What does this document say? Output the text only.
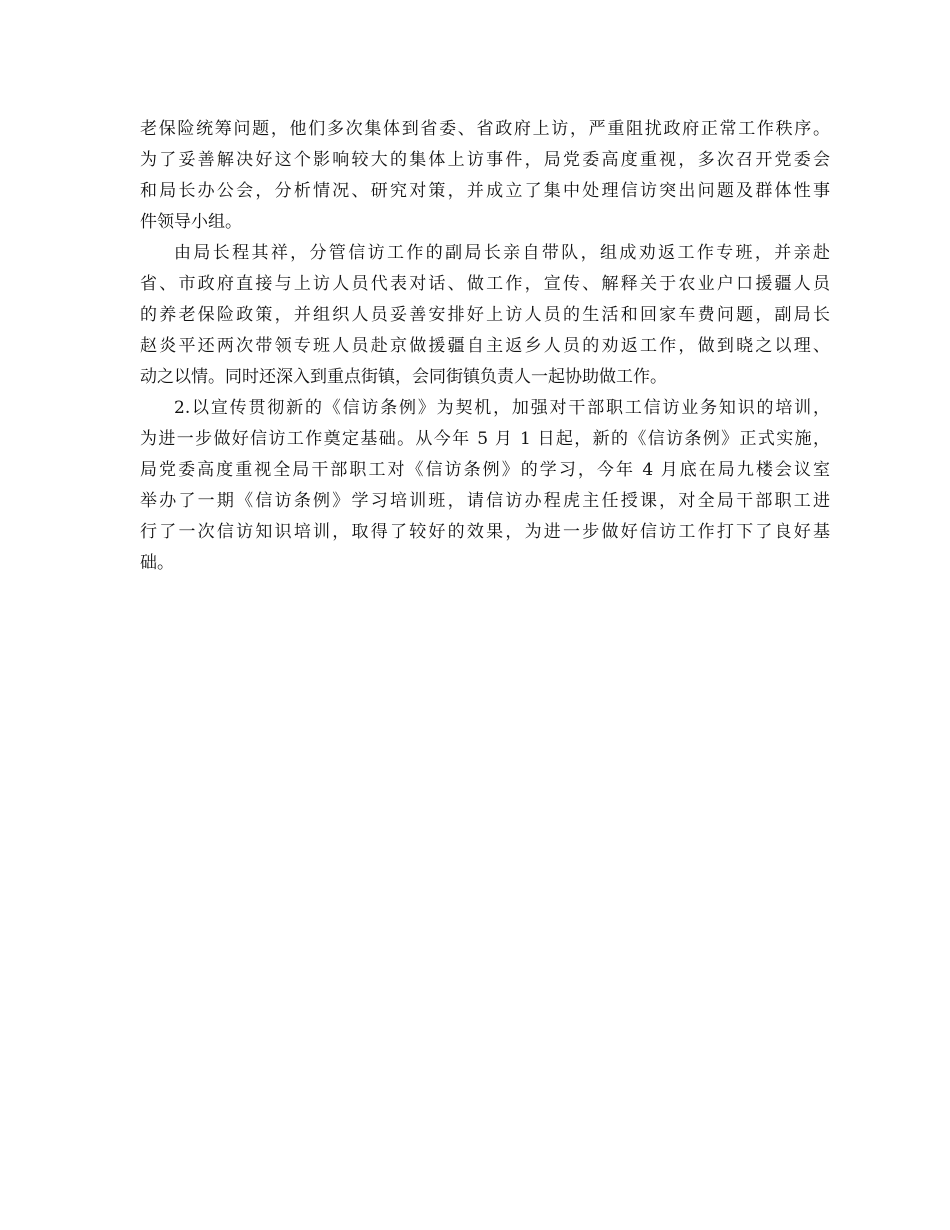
老保险统筹问题，他们多次集体到省委、省政府上访，严重阻扰政府正常工作秩序。
为了妥善解决好这个影响较大的集体上访事件，局党委高度重视，多次召开党委会
和局长办公会，分析情况、研究对策，并成立了集中处理信访突出问题及群体性事
件领导小组。
由局长程其祥，分管信访工作的副局长亲自带队，组成劝返工作专班，并亲赴
省、市政府直接与上访人员代表对话、做工作，宣传、解释关于农业户口援疆人员
的养老保险政策，并组织人员妥善安排好上访人员的生活和回家车费问题，副局长
赵炎平还两次带领专班人员赴京做援疆自主返乡人员的劝返工作，做到晓之以理、
动之以情。同时还深入到重点街镇，会同街镇负责人一起协助做工作。
2.以宣传贯彻新的《信访条例》为契机，加强对干部职工信访业务知识的培训，
为进一步做好信访工作奠定基础。从今年 5 月 1 日起，新的《信访条例》正式实施，
局党委高度重视全局干部职工对《信访条例》的学习，今年 4 月底在局九楼会议室
举办了一期《信访条例》学习培训班，请信访办程虎主任授课，对全局干部职工进
行了一次信访知识培训，取得了较好的效果，为进一步做好信访工作打下了良好基
础。
